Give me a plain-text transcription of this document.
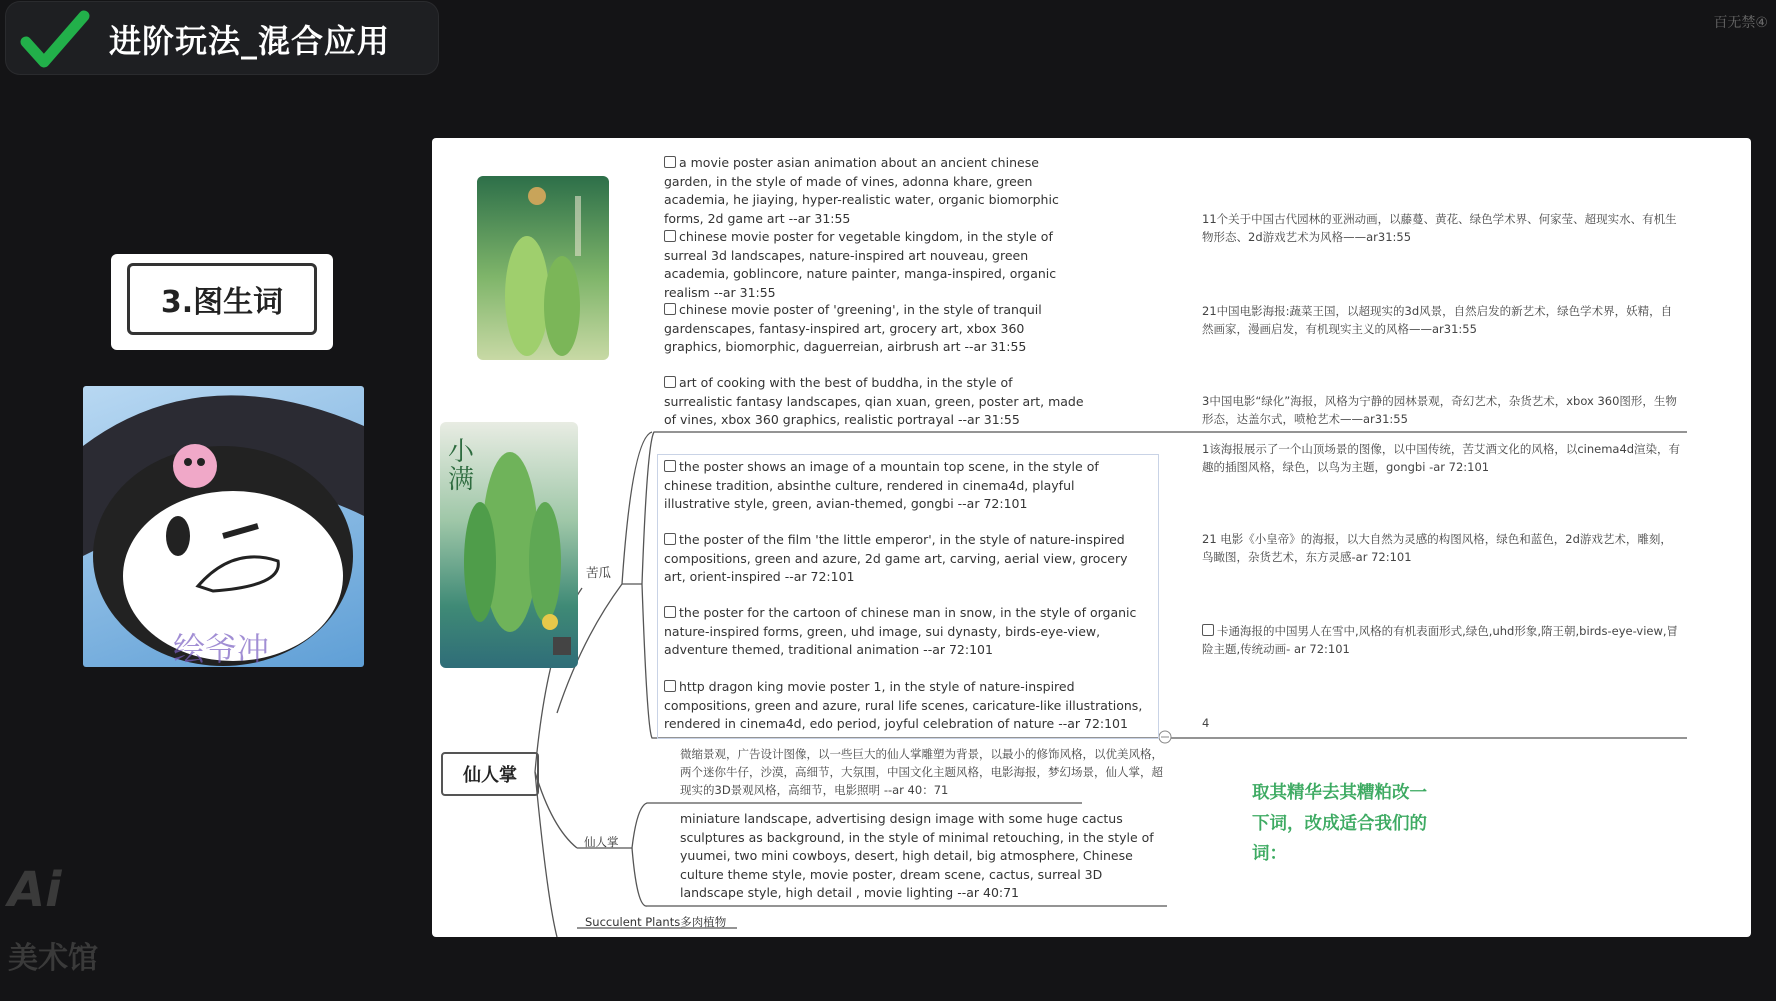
进阶玩法_混合应用	百无禁④
3.图生词
绘爷冲
Ai
美术馆
小
满
a movie poster asian animation about an ancient chinese garden, in the style of made of vines, adonna khare, green academia, he jiaying, hyper-realistic water, organic biomorphic forms, 2d game art --ar 31:55
chinese movie poster for vegetable kingdom, in the style of surreal 3d landscapes, nature-inspired art nouveau, green academia, goblincore, nature painter, manga-inspired, organic realism --ar 31:55
chinese movie poster of 'greening', in the style of tranquil gardenscapes, fantasy-inspired art, grocery art, xbox 360 graphics, biomorphic, daguerreian, airbrush art --ar 31:55
art of cooking with the best of buddha, in the style of surrealistic fantasy landscapes, qian xuan, green, poster art, made of vines, xbox 360 graphics, realistic portrayal --ar 31:55
11个关于中国古代园林的亚洲动画，以藤蔓、黄花、绿色学术界、何家莹、超现实水、有机生物形态、2d游戏艺术为风格——ar31:55
21中国电影海报:蔬菜王国，以超现实的3d风景，自然启发的新艺术，绿色学术界，妖精，自然画家，漫画启发，有机现实主义的风格——ar31:55
3中国电影“绿化”海报，风格为宁静的园林景观，奇幻艺术，杂货艺术，xbox 360图形，生物形态，达盖尔式，喷枪艺术——ar31:55
the poster shows an image of a mountain top scene, in the style of chinese tradition, absinthe culture, rendered in cinema4d, playful illustrative style, green, avian-themed, gongbi --ar 72:101
the poster of the film 'the little emperor', in the style of nature-inspired compositions, green and azure, 2d game art, carving, aerial view, grocery art, orient-inspired --ar 72:101
the poster for the cartoon of chinese man in snow, in the style of organic nature-inspired forms, green, uhd image, sui dynasty, birds-eye-view, adventure themed, traditional animation --ar 72:101
http dragon king movie poster 1, in the style of nature-inspired compositions, green and azure, rural life scenes, caricature-like illustrations, rendered in cinema4d, edo period, joyful celebration of nature --ar 72:101
1该海报展示了一个山顶场景的图像，以中国传统，苦艾酒文化的风格，以cinema4d渲染，有趣的插图风格，绿色，以鸟为主题，gongbi -ar 72:101
21 电影《小皇帝》的海报，以大自然为灵感的构图风格，绿色和蓝色，2d游戏艺术，雕刻，鸟瞰图，杂货艺术，东方灵感-ar 72:101
卡通海报的中国男人在雪中,风格的有机表面形式,绿色,uhd形象,隋王朝,birds-eye-view,冒险主题,传统动画- ar 72:101
4
苦瓜
仙人掌
仙人掌
Succulent Plants多肉植物
微缩景观，广告设计图像，以一些巨大的仙人掌雕塑为背景，以最小的修饰风格，以优美风格，两个迷你牛仔，沙漠，高细节，大氛围，中国文化主题风格，电影海报，梦幻场景，仙人掌，超现实的3D景观风格，高细节，电影照明 --ar 40：71
miniature landscape, advertising design image with some huge cactus sculptures as background, in the style of minimal retouching, in the style of yuumei, two mini cowboys, desert, high detail, big atmosphere, Chinese culture theme style, movie poster, dream scene, cactus, surreal 3D landscape style, high detail , movie lighting --ar 40:71
取其精华去其糟粕改一下词，改成适合我们的词：
